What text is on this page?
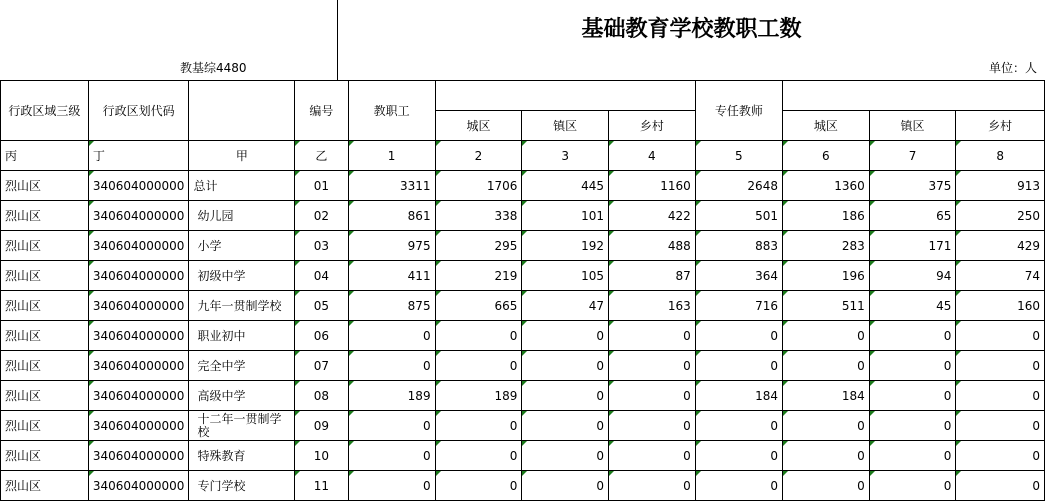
基础教育学校教职工数
教基综4480	单位：人
行政区域三级	行政区划代码		编号	教职工				专任教师			
					城区	镇区	乡村		城区	镇区	乡村
丙	丁	甲	乙	1	2	3	4	5	6	7	8
烈山区	340604000000	总计	01	3311	1706	445	1160	2648	1360	375	913
烈山区	340604000000	幼儿园	02	861	338	101	422	501	186	65	250
烈山区	340604000000	小学	03	975	295	192	488	883	283	171	429
烈山区	340604000000	初级中学	04	411	219	105	87	364	196	94	74
烈山区	340604000000	九年一贯制学校	05	875	665	47	163	716	511	45	160
烈山区	340604000000	职业初中	06	0	0	0	0	0	0	0	0
烈山区	340604000000	完全中学	07	0	0	0	0	0	0	0	0
烈山区	340604000000	高级中学	08	189	189	0	0	184	184	0	0
烈山区	340604000000	十二年一贯制学校	09	0	0	0	0	0	0	0	0
烈山区	340604000000	特殊教育	10	0	0	0	0	0	0	0	0
烈山区	340604000000	专门学校	11	0	0	0	0	0	0	0	0
